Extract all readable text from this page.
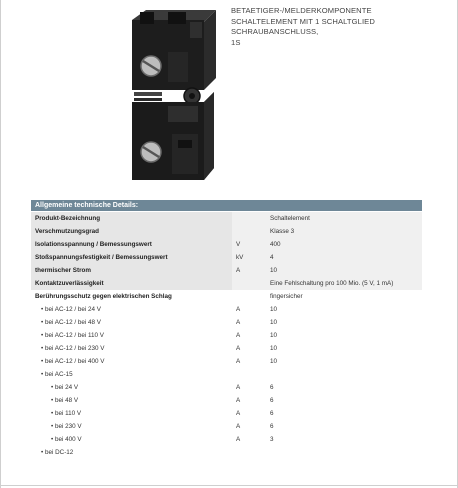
BETAETIGER-/MELDERKOMPONENTE
SCHALTELEMENT MIT 1 SCHALTGLIED
SCHRAUBANSCHLUSS,
1S
Allgemeine technische Details:
Produkt-Bezeichnung		Schaltelement
Verschmutzungsgrad		Klasse 3
Isolationsspannung / Bemessungswert	V	400
Stoßspannungsfestigkeit / Bemessungswert	kV	4
thermischer Strom	A	10
Kontaktzuverlässigkeit		Eine Fehlschaltung pro 100 Mio. (5 V, 1 mA)
Berührungsschutz gegen elektrischen Schlag		fingersicher
• bei AC-12 / bei 24 V	A	10
• bei AC-12 / bei 48 V	A	10
• bei AC-12 / bei 110 V	A	10
• bei AC-12 / bei 230 V	A	10
• bei AC-12 / bei 400 V	A	10
• bei AC-15		
• bei 24 V	A	6
• bei 48 V	A	6
• bei 110 V	A	6
• bei 230 V	A	6
• bei 400 V	A	3
• bei DC-12		
